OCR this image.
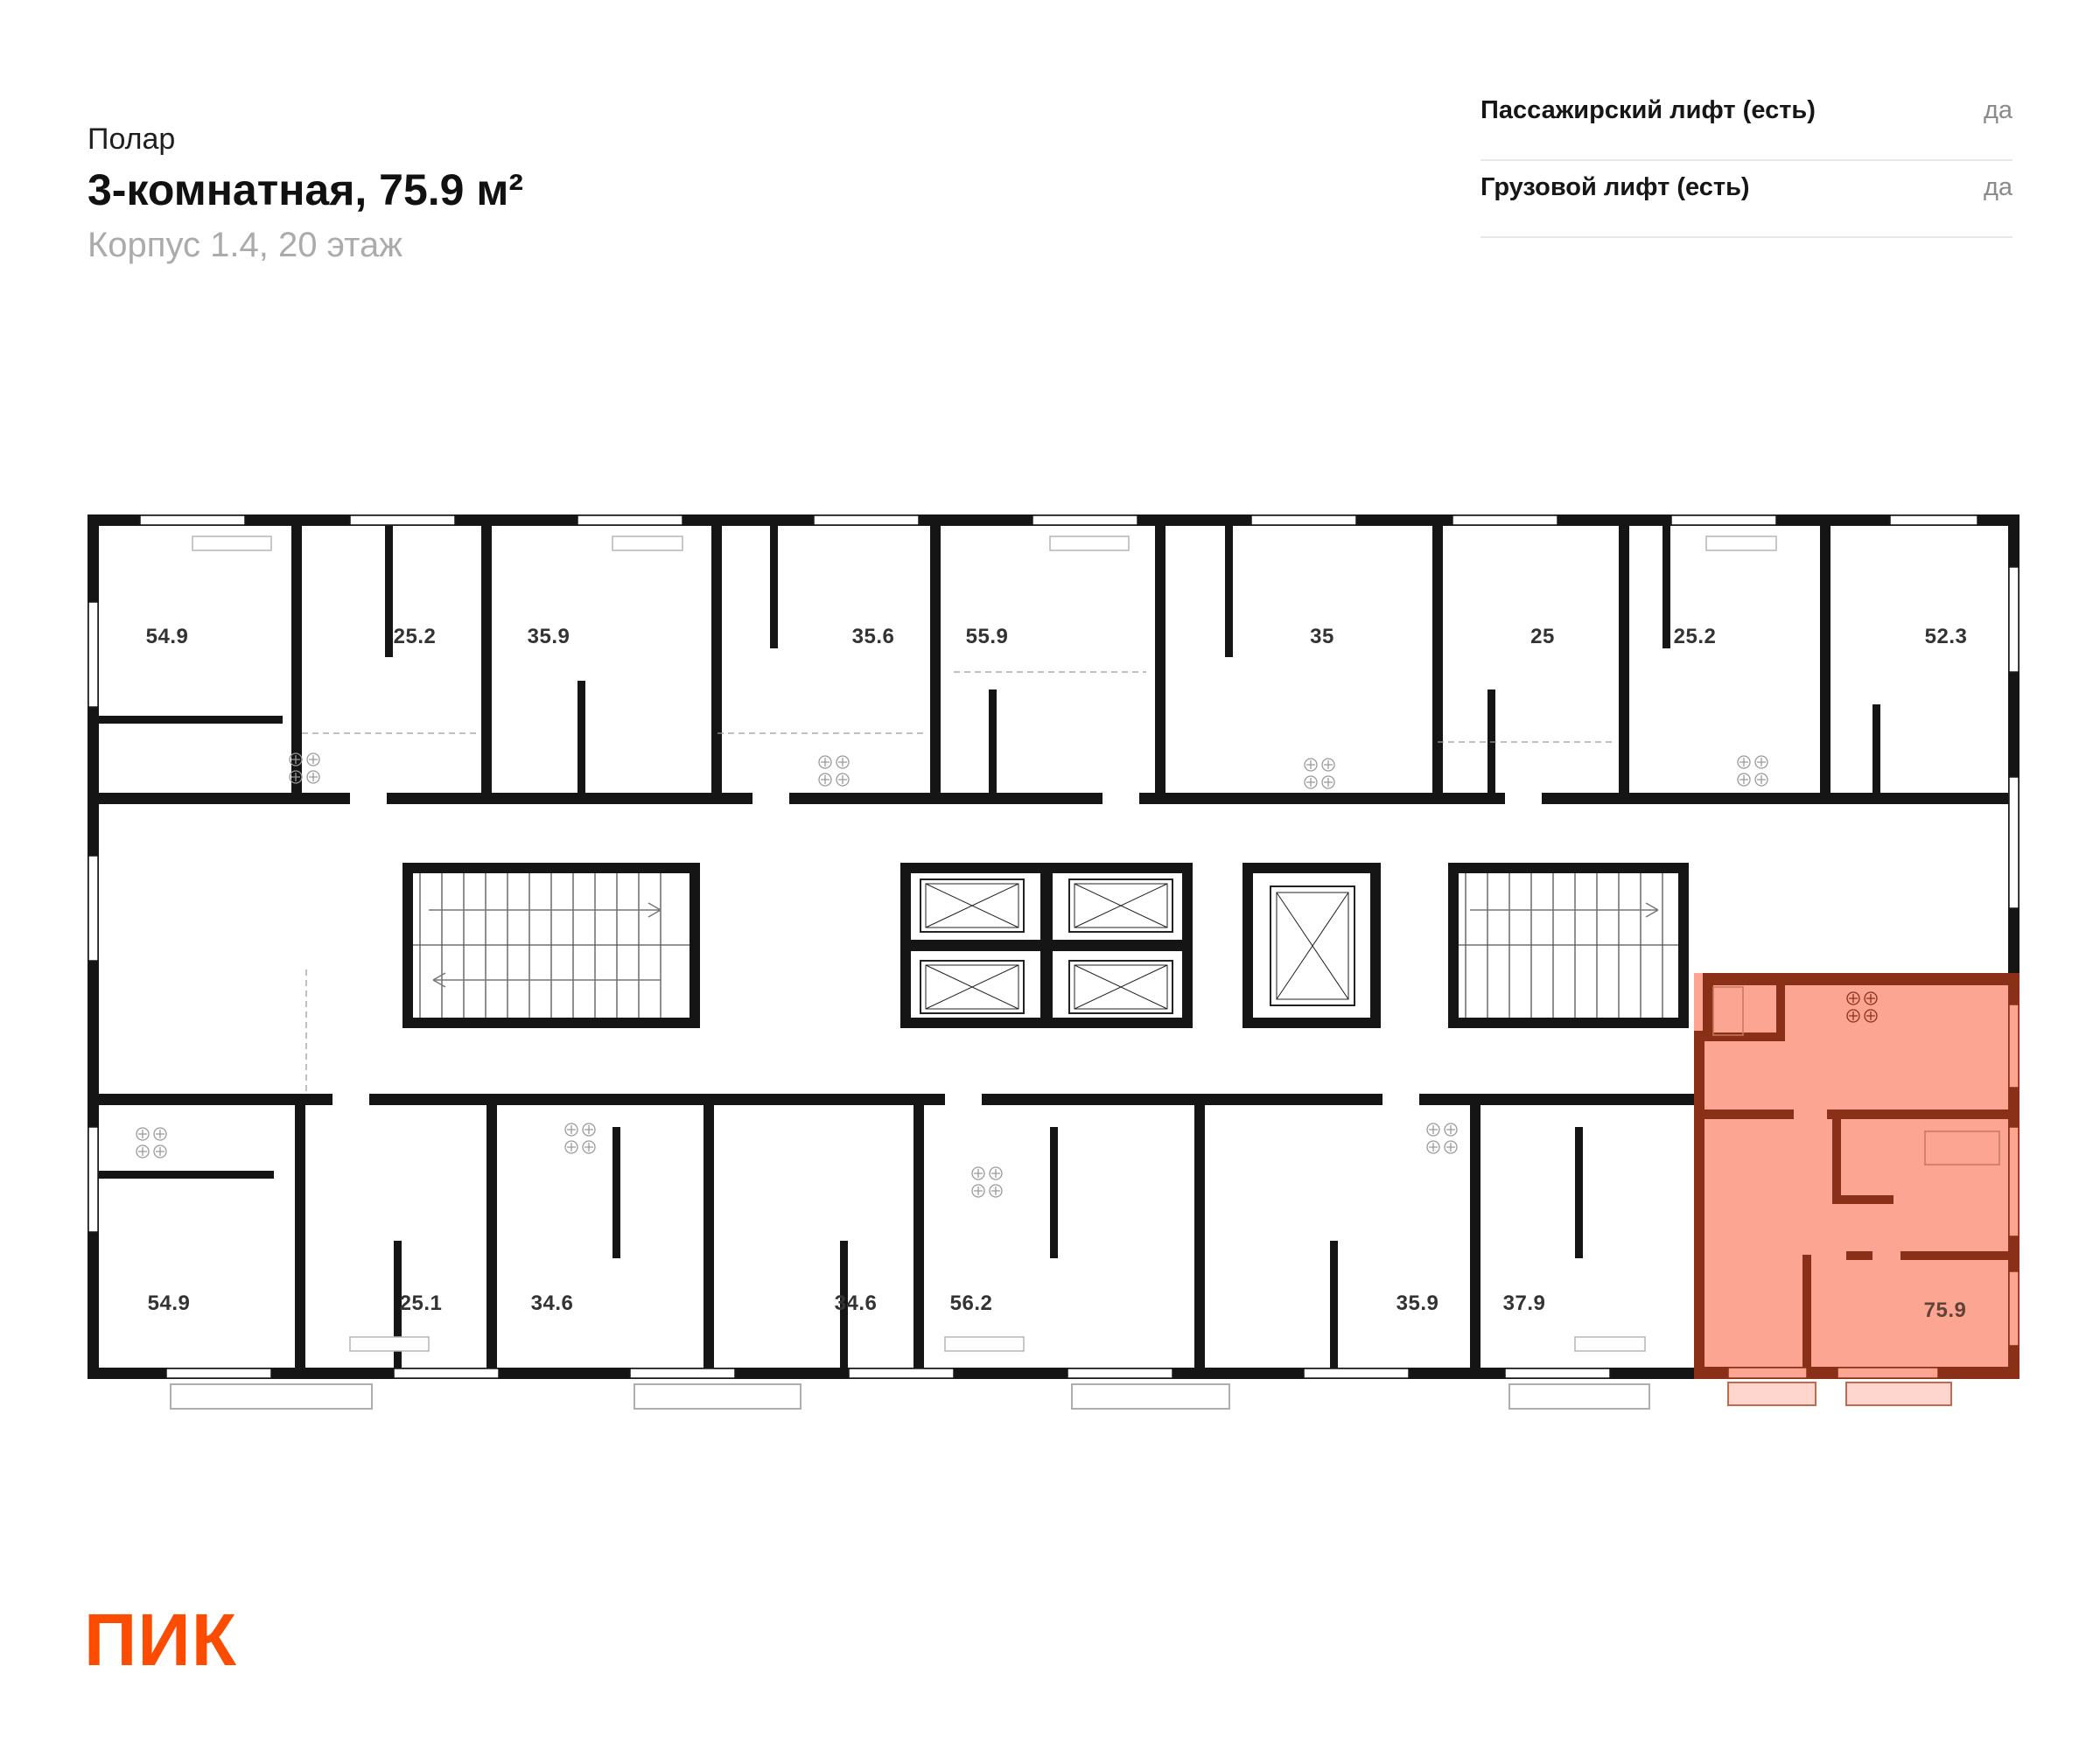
Полар
3-комнатная, 75.9 м²
Корпус 1.4, 20 этаж
Пассажирский лифт (есть)	да
Грузовой лифт (есть)	да
54.9	25.2	35.9	35.6	55.9	35	25	25.2	52.3
54.9	25.1	34.6	34.6	56.2	35.9	37.9	75.9
ПИК
